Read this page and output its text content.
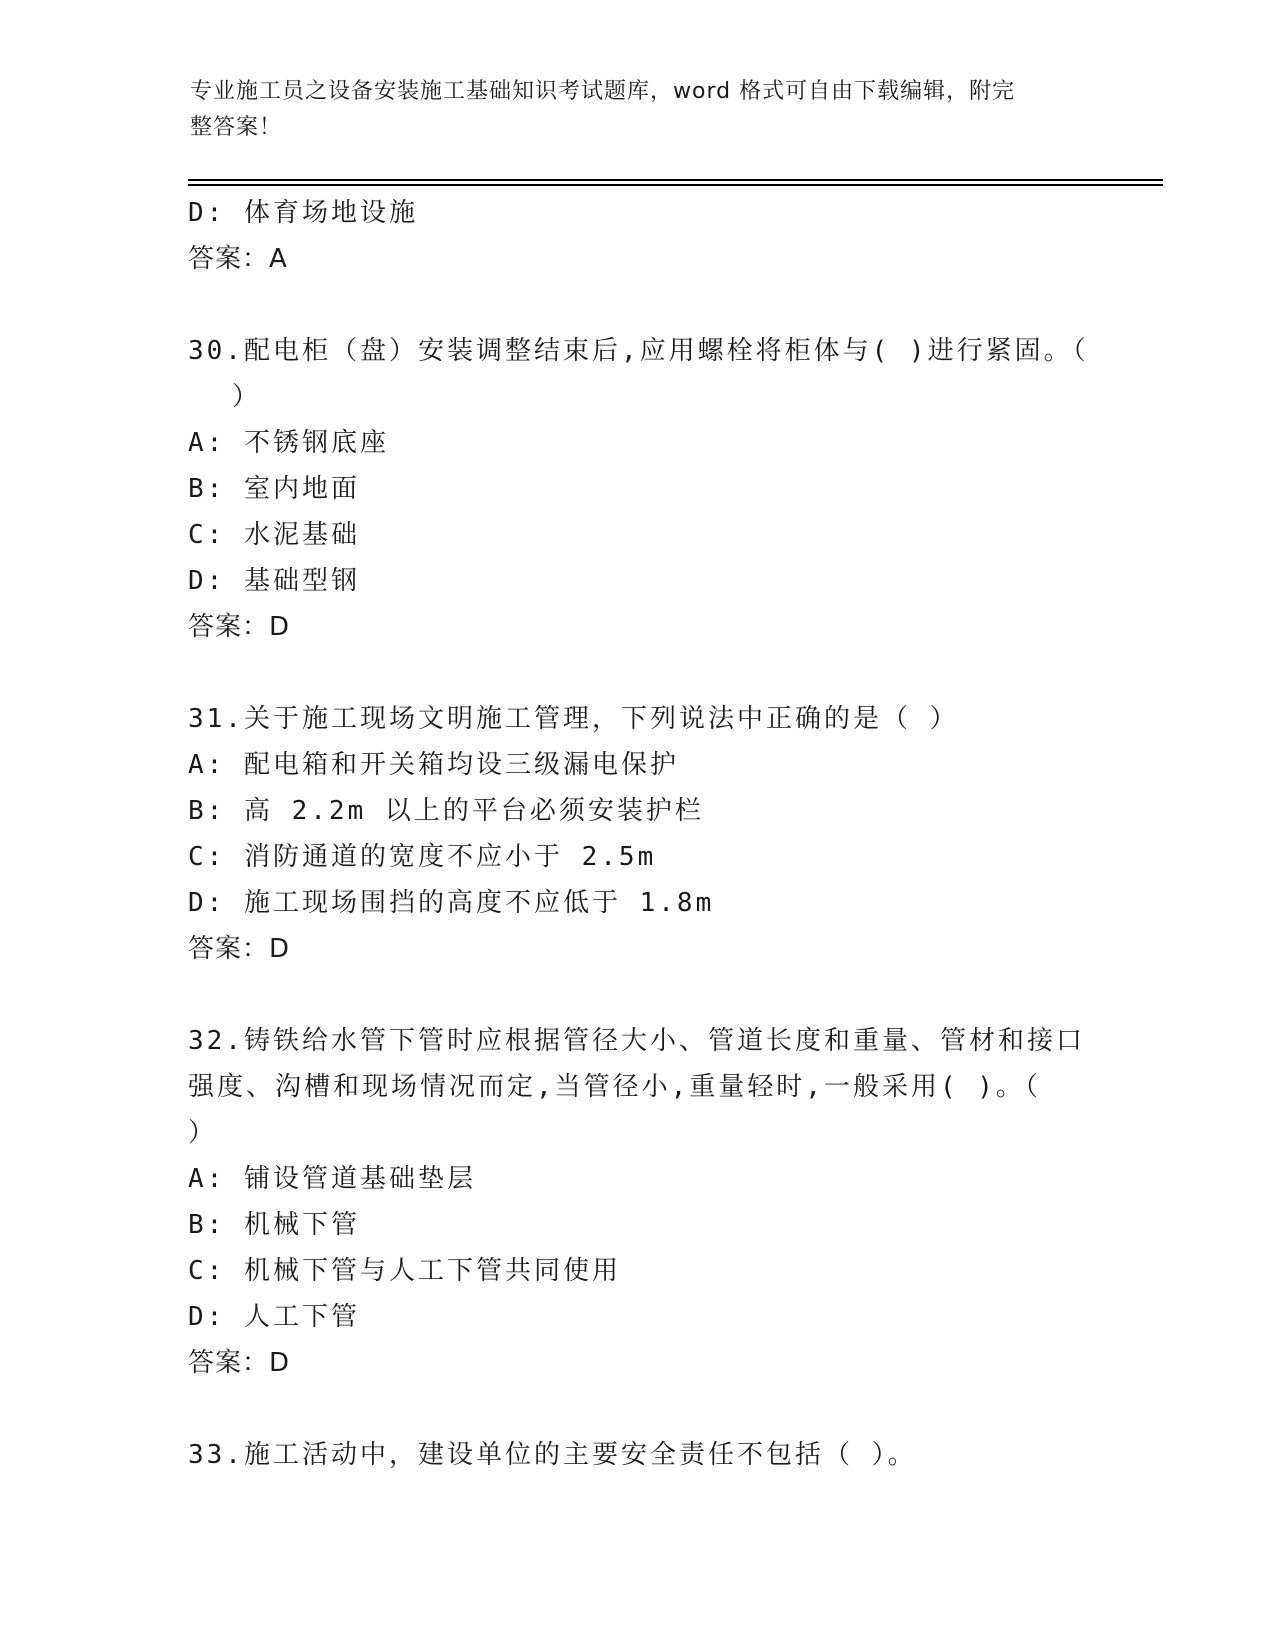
专业施工员之设备安装施工基础知识考试题库，word 格式可自由下载编辑，附完
整答案！
D: 体育场地设施
答案：A
30.配电柜（盘）安装调整结束后,应用螺栓将柜体与( )进行紧固。（
）
A: 不锈钢底座
B: 室内地面
C: 水泥基础
D: 基础型钢
答案：D
31.关于施工现场文明施工管理，下列说法中正确的是（ ）
A: 配电箱和开关箱均设三级漏电保护
B: 高 2.2m 以上的平台必须安装护栏
C: 消防通道的宽度不应小于 2.5m
D: 施工现场围挡的高度不应低于 1.8m
答案：D
32.铸铁给水管下管时应根据管径大小、管道长度和重量、管材和接口
强度、沟槽和现场情况而定,当管径小,重量轻时,一般采用( )。（
）
A: 铺设管道基础垫层
B: 机械下管
C: 机械下管与人工下管共同使用
D: 人工下管
答案：D
33.施工活动中，建设单位的主要安全责任不包括（ ）。
